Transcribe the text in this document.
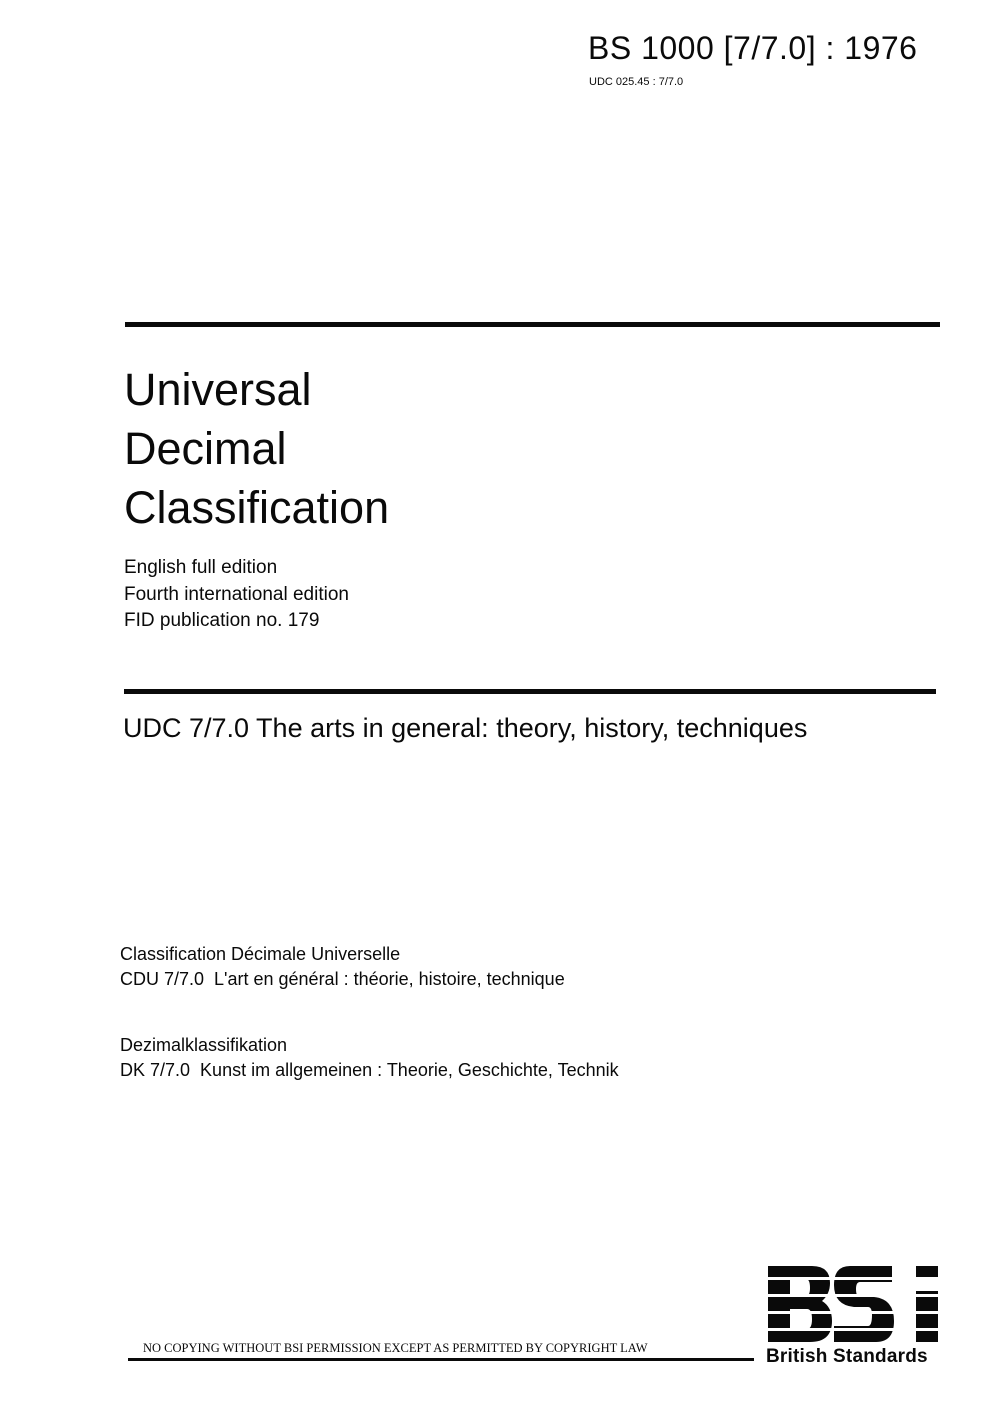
BS 1000 [7/7.0] : 1976
UDC 025.45 : 7/7.0
Universal
Decimal
Classification
English full edition
Fourth international edition
FID publication no. 179
UDC 7/7.0 The arts in general: theory, history, techniques
Classification Décimale Universelle
CDU 7/7.0 L'art en général : théorie, histoire, technique
Dezimalklassifikation
DK 7/7.0 Kunst im allgemeinen : Theorie, Geschichte, Technik
NO COPYING WITHOUT BSI PERMISSION EXCEPT AS PERMITTED BY COPYRIGHT LAW	British Standards
